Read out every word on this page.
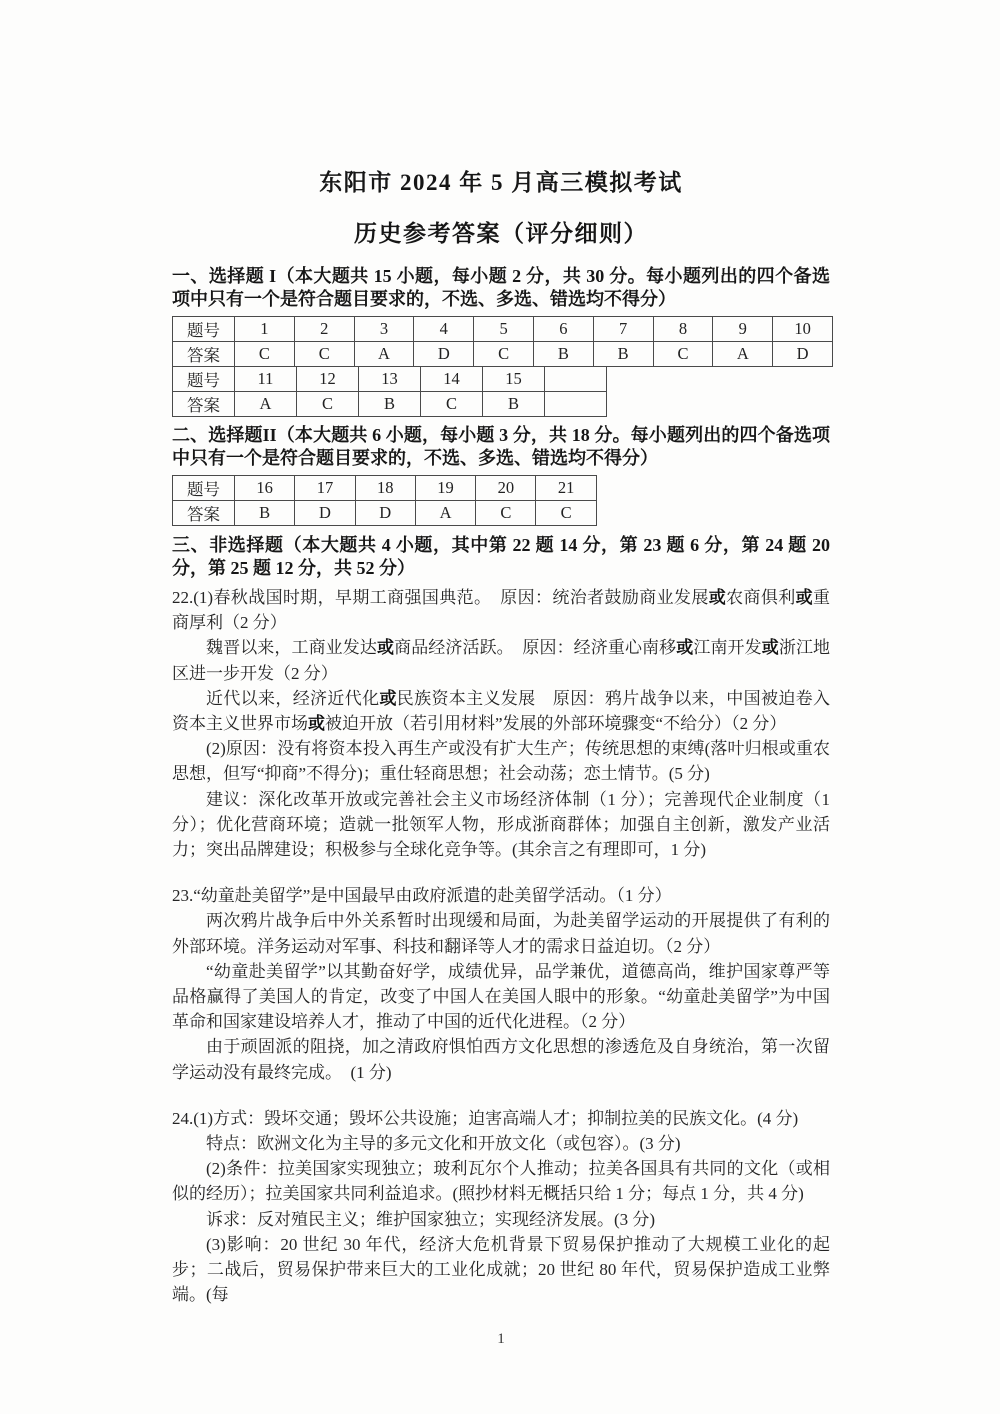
东阳市 2024 年 5 月高三模拟考试
历史参考答案（评分细则）

一、选择题 I（本大题共 15 小题，每小题 2 分，共 30 分。每小题列出的四个备选项中只有一个是符合题目要求的，不选、多选、错选均不得分）

题号	1	2	3	4	5	6	7	8	9	10
答案	C	C	A	D	C	B	B	C	A	D
题号	11	12	13	14	15	
答案	A	C	B	C	B	

二、选择题II（本大题共 6 小题，每小题 3 分，共 18 分。每小题列出的四个备选项中只有一个是符合题目要求的，不选、多选、错选均不得分）

题号	16	17	18	19	20	21
答案	B	D	D	A	C	C

三、非选择题（本大题共 4 小题，其中第 22 题 14 分，第 23 题 6 分，第 24 题 20 分，第 25 题 12 分，共 52 分）

22.(1)春秋战国时期，早期工商强国典范。　原因：统治者鼓励商业发展或农商俱利或重商厚利（2 分）

魏晋以来，工商业发达或商品经济活跃。　原因：经济重心南移或江南开发或浙江地区进一步开发（2 分）

近代以来，经济近代化或民族资本主义发展　原因：鸦片战争以来，中国被迫卷入资本主义世界市场或被迫开放（若引用材料”发展的外部环境骤变“不给分）（2 分）

(2)原因：没有将资本投入再生产或没有扩大生产；传统思想的束缚(落叶归根或重农思想，但写“抑商”不得分)；重仕轻商思想；社会动荡；恋土情节。(5 分)

建议：深化改革开放或完善社会主义市场经济体制（1 分）；完善现代企业制度（1 分）；优化营商环境；造就一批领军人物，形成浙商群体；加强自主创新，激发产业活力；突出品牌建设；积极参与全球化竞争等。(其余言之有理即可，1 分)

23.“幼童赴美留学”是中国最早由政府派遣的赴美留学活动。（1 分）

两次鸦片战争后中外关系暂时出现缓和局面，为赴美留学运动的开展提供了有利的外部环境。洋务运动对军事、科技和翻译等人才的需求日益迫切。（2 分）

“幼童赴美留学”以其勤奋好学，成绩优异，品学兼优，道德高尚，维护国家尊严等品格赢得了美国人的肯定，改变了中国人在美国人眼中的形象。“幼童赴美留学”为中国革命和国家建设培养人才，推动了中国的近代化进程。（2 分）

由于顽固派的阻挠，加之清政府惧怕西方文化思想的渗透危及自身统治，第一次留学运动没有最终完成。　(1 分)

24.(1)方式：毁坏交通；毁坏公共设施；迫害高端人才；抑制拉美的民族文化。(4 分)

特点：欧洲文化为主导的多元文化和开放文化（或包容）。(3 分)

(2)条件：拉美国家实现独立；玻利瓦尔个人推动；拉美各国具有共同的文化（或相似的经历）；拉美国家共同利益追求。(照抄材料无概括只给 1 分；每点 1 分，共 4 分)

诉求：反对殖民主义；维护国家独立；实现经济发展。(3 分)

(3)影响：20 世纪 30 年代，经济大危机背景下贸易保护推动了大规模工业化的起步；二战后，贸易保护带来巨大的工业化成就；20 世纪 80 年代，贸易保护造成工业弊端。(每

1
